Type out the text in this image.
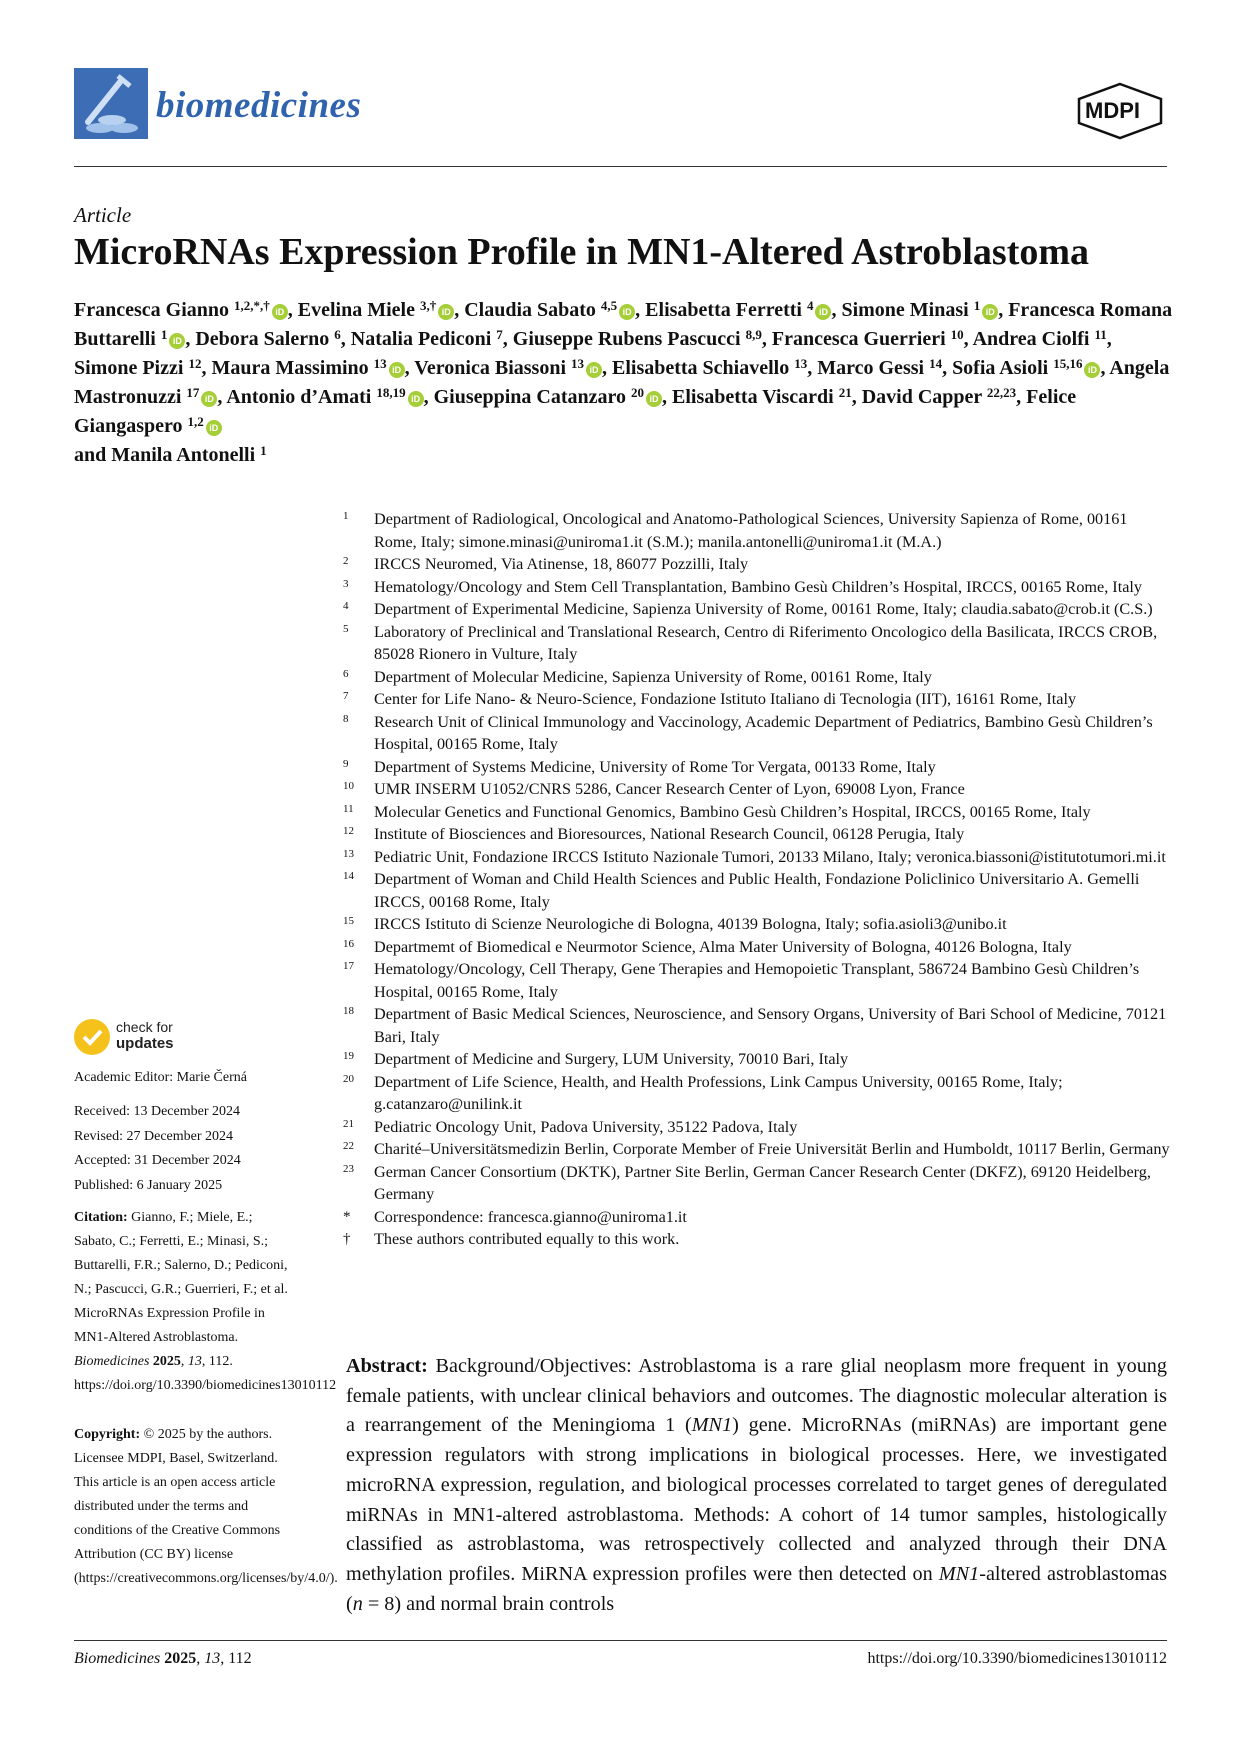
biomedicines	MDPI
Article
MicroRNAs Expression Profile in MN1-Altered Astroblastoma
Francesca Gianno $^{1,2,*,\dagger}$ iD , Evelina Miele $^{3,\dagger}$ iD , Claudia Sabato $^{4,5}$ iD , Elisabetta Ferretti $^4$ iD , Simone Minasi $^1$ iD , Francesca Romana Buttarelli $^1$ iD , Debora Salerno $^6$, Natalia Pediconi $^7$, Giuseppe Rubens Pascucci $^{8,9}$, Francesca Guerrieri $^{10}$, Andrea Ciolfi $^{11}$, Simone Pizzi $^{12}$, Maura Massimino $^{13}$ iD , Veronica Biassoni $^{13}$ iD , Elisabetta Schiavello $^{13}$, Marco Gessi $^{14}$, Sofia Asioli $^{15,16}$ iD , Angela Mastronuzzi $^{17}$ iD , Antonio d’Amati $^{18,19}$ iD , Giuseppina Catanzaro $^{20}$ iD , Elisabetta Viscardi $^{21}$, David Capper $^{22,23}$, Felice Giangaspero $^{1,2}$ iD
and Manila Antonelli $^1$
1 Department of Radiological, Oncological and Anatomo-Pathological Sciences, University Sapienza of Rome, 00161 Rome, Italy; simone.minasi@uniroma1.it (S.M.); manila.antonelli@uniroma1.it (M.A.)
2 IRCCS Neuromed, Via Atinense, 18, 86077 Pozzilli, Italy
3 Hematology/Oncology and Stem Cell Transplantation, Bambino Gesù Children’s Hospital, IRCCS, 00165 Rome, Italy
4 Department of Experimental Medicine, Sapienza University of Rome, 00161 Rome, Italy; claudia.sabato@crob.it (C.S.)
5 Laboratory of Preclinical and Translational Research, Centro di Riferimento Oncologico della Basilicata, IRCCS CROB, 85028 Rionero in Vulture, Italy
6 Department of Molecular Medicine, Sapienza University of Rome, 00161 Rome, Italy
7 Center for Life Nano- & Neuro-Science, Fondazione Istituto Italiano di Tecnologia (IIT), 16161 Rome, Italy
8 Research Unit of Clinical Immunology and Vaccinology, Academic Department of Pediatrics, Bambino Gesù Children’s Hospital, 00165 Rome, Italy
9 Department of Systems Medicine, University of Rome Tor Vergata, 00133 Rome, Italy
10 UMR INSERM U1052/CNRS 5286, Cancer Research Center of Lyon, 69008 Lyon, France
11 Molecular Genetics and Functional Genomics, Bambino Gesù Children’s Hospital, IRCCS, 00165 Rome, Italy
12 Institute of Biosciences and Bioresources, National Research Council, 06128 Perugia, Italy
13 Pediatric Unit, Fondazione IRCCS Istituto Nazionale Tumori, 20133 Milano, Italy; veronica.biassoni@istitutotumori.mi.it
14 Department of Woman and Child Health Sciences and Public Health, Fondazione Policlinico Universitario A. Gemelli IRCCS, 00168 Rome, Italy
15 IRCCS Istituto di Scienze Neurologiche di Bologna, 40139 Bologna, Italy; sofia.asioli3@unibo.it
16 Departmemt of Biomedical e Neurmotor Science, Alma Mater University of Bologna, 40126 Bologna, Italy
17 Hematology/Oncology, Cell Therapy, Gene Therapies and Hemopoietic Transplant, 586724 Bambino Gesù Children’s Hospital, 00165 Rome, Italy
18 Department of Basic Medical Sciences, Neuroscience, and Sensory Organs, University of Bari School of Medicine, 70121 Bari, Italy
19 Department of Medicine and Surgery, LUM University, 70010 Bari, Italy
20 Department of Life Science, Health, and Health Professions, Link Campus University, 00165 Rome, Italy; g.catanzaro@unilink.it
21 Pediatric Oncology Unit, Padova University, 35122 Padova, Italy
22 Charité–Universitätsmedizin Berlin, Corporate Member of Freie Universität Berlin and Humboldt, 10117 Berlin, Germany
23 German Cancer Consortium (DKTK), Partner Site Berlin, German Cancer Research Center (DKFZ), 69120 Heidelberg, Germany
* Correspondence: francesca.gianno@uniroma1.it
† These authors contributed equally to this work.
check for
updates
Academic Editor: Marie Černá
Received: 13 December 2024
Revised: 27 December 2024
Accepted: 31 December 2024
Published: 6 January 2025
Citation: Gianno, F.; Miele, E.; Sabato, C.; Ferretti, E.; Minasi, S.; Buttarelli, F.R.; Salerno, D.; Pediconi, N.; Pascucci, G.R.; Guerrieri, F.; et al. MicroRNAs Expression Profile in MN1-Altered Astroblastoma. Biomedicines 2025, 13, 112. https://doi.org/10.3390/biomedicines13010112
Copyright: © 2025 by the authors. Licensee MDPI, Basel, Switzerland. This article is an open access article distributed under the terms and conditions of the Creative Commons Attribution (CC BY) license (https://creativecommons.org/licenses/by/4.0/).
Abstract: Background/Objectives: Astroblastoma is a rare glial neoplasm more frequent in young female patients, with unclear clinical behaviors and outcomes. The diagnostic molecular alteration is a rearrangement of the Meningioma 1 (MN1) gene. MicroRNAs (miRNAs) are important gene expression regulators with strong implications in biological processes. Here, we investigated microRNA expression, regulation, and biological processes correlated to target genes of deregulated miRNAs in MN1-altered astroblastoma. Methods: A cohort of 14 tumor samples, histologically classified as astroblastoma, was retrospectively collected and analyzed through their DNA methylation profiles. MiRNA expression profiles were then detected on MN1-altered astroblastomas (n = 8) and normal brain controls
Biomedicines 2025, 13, 112	https://doi.org/10.3390/biomedicines13010112
